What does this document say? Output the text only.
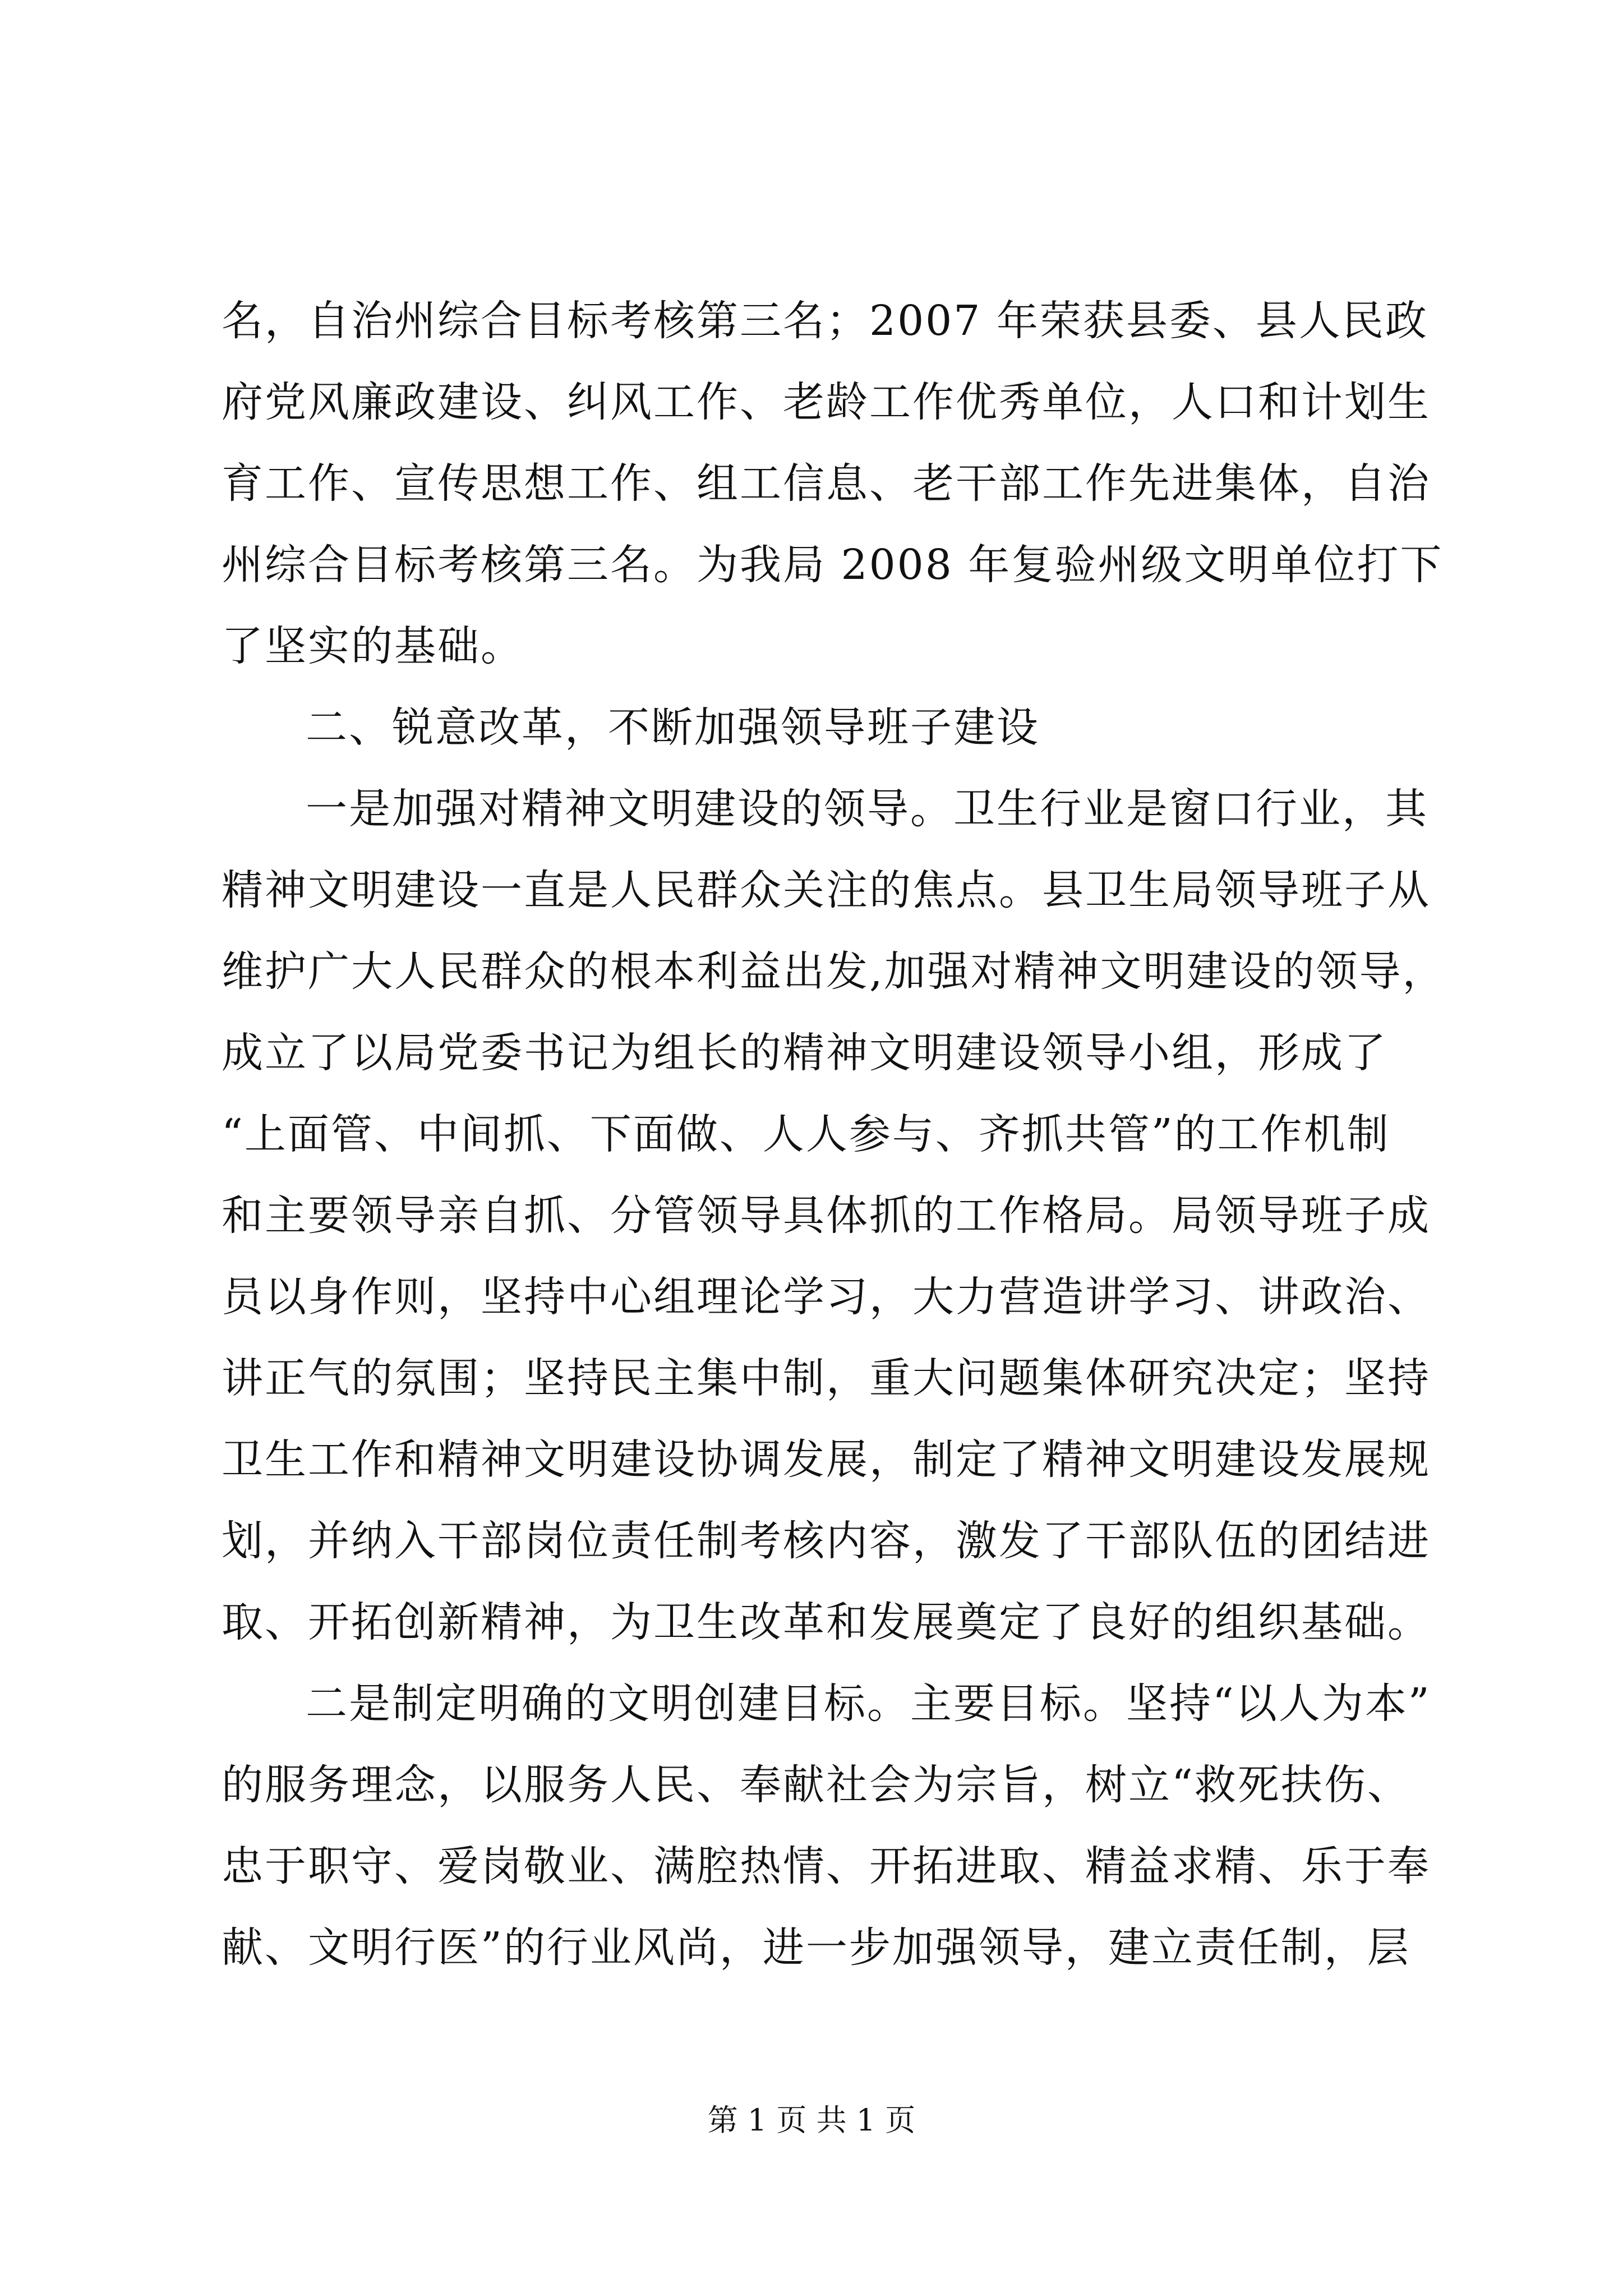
名，自治州综合目标考核第三名；2007 年荣获县委、县人民政
府党风廉政建设、纠风工作、老龄工作优秀单位，人口和计划生
育工作、宣传思想工作、组工信息、老干部工作先进集体，自治
州综合目标考核第三名。为我局 2008 年复验州级文明单位打下
了坚实的基础。
二、锐意改革，不断加强领导班子建设
一是加强对精神文明建设的领导。卫生行业是窗口行业，其
精神文明建设一直是人民群众关注的焦点。县卫生局领导班子从
维护广大人民群众的根本利益出发,加强对精神文明建设的领导，
成立了以局党委书记为组长的精神文明建设领导小组，形成了
“上面管、中间抓、下面做、人人参与、齐抓共管”的工作机制
和主要领导亲自抓、分管领导具体抓的工作格局。局领导班子成
员以身作则，坚持中心组理论学习，大力营造讲学习、讲政治、
讲正气的氛围；坚持民主集中制，重大问题集体研究决定；坚持
卫生工作和精神文明建设协调发展，制定了精神文明建设发展规
划，并纳入干部岗位责任制考核内容，激发了干部队伍的团结进
取、开拓创新精神，为卫生改革和发展奠定了良好的组织基础。
二是制定明确的文明创建目标。主要目标。坚持“以人为本”
的服务理念，以服务人民、奉献社会为宗旨，树立“救死扶伤、
忠于职守、爱岗敬业、满腔热情、开拓进取、精益求精、乐于奉
献、文明行医”的行业风尚，进一步加强领导，建立责任制，层
第 1 页 共 1 页
